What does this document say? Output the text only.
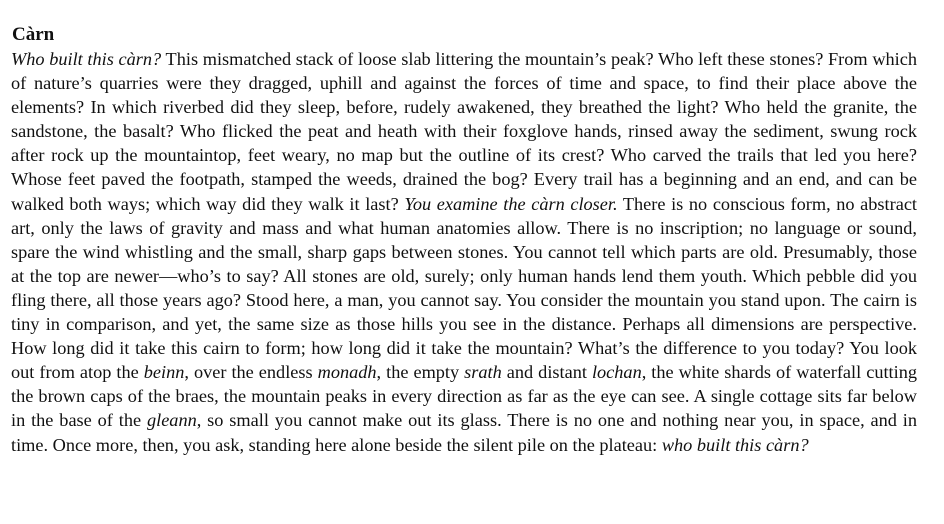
Càrn

Who built this càrn? This mismatched stack of loose slab littering the mountain’s peak? Who left these stones? From which of nature’s quarries were they dragged, uphill and against the forces of time and space, to find their place above the elements? In which riverbed did they sleep, before, rudely awakened, they breathed the light? Who held the granite, the sandstone, the basalt? Who flicked the peat and heath with their foxglove hands, rinsed away the sediment, swung rock after rock up the mountaintop, feet weary, no map but the outline of its crest? Who carved the trails that led you here? Whose feet paved the footpath, stamped the weeds, drained the bog? Every trail has a beginning and an end, and can be walked both ways; which way did they walk it last? You examine the càrn closer. There is no conscious form, no abstract art, only the laws of gravity and mass and what human anatomies allow. There is no inscription; no language or sound, spare the wind whistling and the small, sharp gaps between stones. You cannot tell which parts are old. Presumably, those at the top are newer—who’s to say? All stones are old, surely; only human hands lend them youth. Which pebble did you fling there, all those years ago? Stood here, a man, you cannot say. You consider the mountain you stand upon. The cairn is tiny in comparison, and yet, the same size as those hills you see in the distance. Perhaps all dimensions are perspective. How long did it take this cairn to form; how long did it take the mountain? What’s the difference to you today? You look out from atop the beinn, over the endless monadh, the empty srath and distant lochan, the white shards of waterfall cutting the brown caps of the braes, the mountain peaks in every direction as far as the eye can see. A single cottage sits far below in the base of the gleann, so small you cannot make out its glass. There is no one and nothing near you, in space, and in time. Once more, then, you ask, standing here alone beside the silent pile on the plateau: who built this càrn?
